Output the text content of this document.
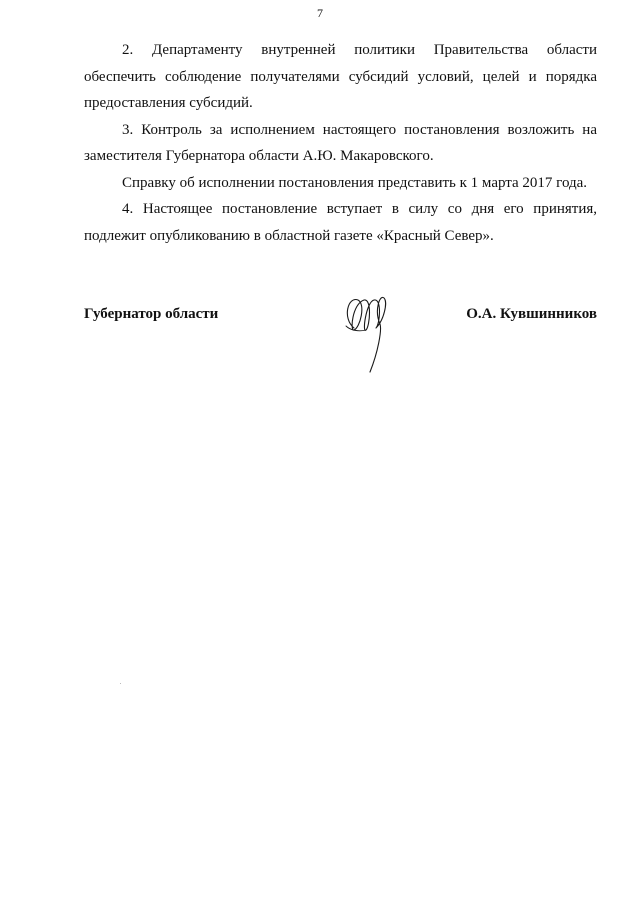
7

2. Департаменту внутренней политики Правительства области обеспечить соблюдение получателями субсидий условий, целей и порядка предоставления субсидий.

3. Контроль за исполнением настоящего постановления возложить на заместителя Губернатора области А.Ю. Макаровского.

Справку об исполнении постановления представить к 1 марта 2017 года.

4. Настоящее постановление вступает в силу со дня его принятия, подлежит опубликованию в областной газете «Красный Север».

Губернатор области	О.А. Кувшинников
